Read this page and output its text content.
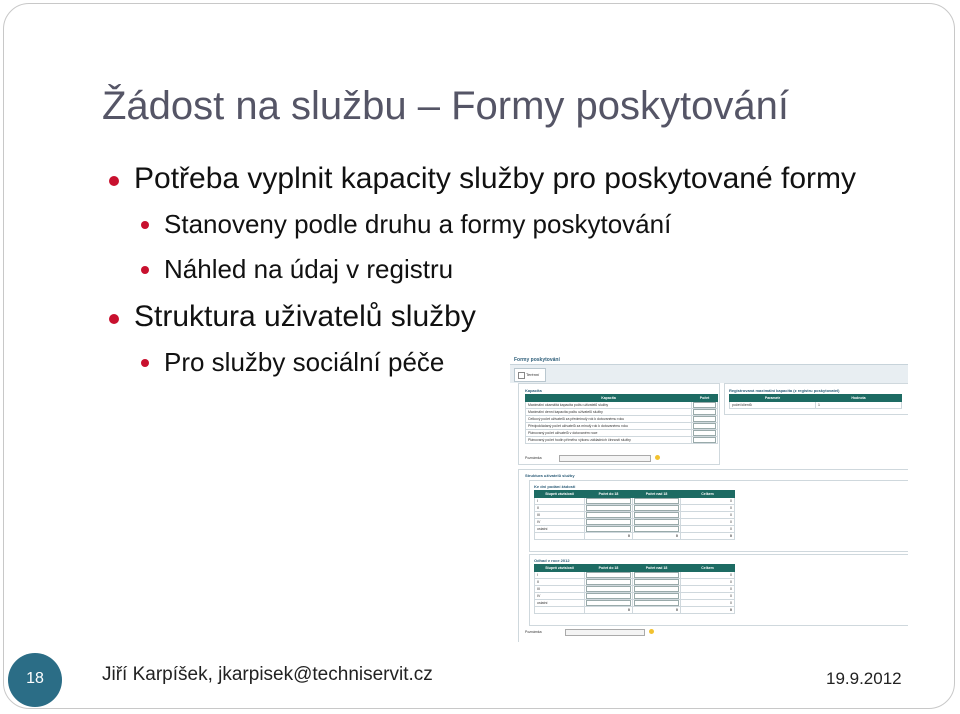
Žádost na službu – Formy poskytování
Potřeba vyplnit kapacity služby pro poskytované formy
Stanoveny podle druhu a formy poskytování
Náhled na údaj v registru
Struktura uživatelů služby
Pro služby sociální péče	Formy poskytování
Terénní
Kapacita
Kapacita	Počet
Maximální okamžitá kapacita počtu uživatelů služby	

Maximální denní kapacita počtu uživatelů služby	

Celkový počet uživatelů za předminulý rok k dotovanému roku	

Předpokládaný počet uživatelů za minulý rok k dotovanému roku	

Plánovaný počet uživatelů v dotovaném roce	

Plánovaný počet hodin přímého výkonu základních činností služby	
Poznámka
Registrovaná maximální kapacita (z registru poskytovatel)
Parametr	Hodnota
počet klientů	1
Struktura uživatelů služby
Ke dni podání žádosti
Stupeň závislosti	Počet do 18	Počet nad 18	Celkem
I			0
II			0
III			0
IV			0
ostatní			0
	0	0	0
Odhad v roce 2012
Stupeň závislosti	Počet do 18	Počet nad 18	Celkem
I			0
II			0
III			0
IV			0
ostatní			0
	0	0	0
Poznámka
18	Jiří Karpíšek, jkarpisek@techniservit.cz	19.9.2012
